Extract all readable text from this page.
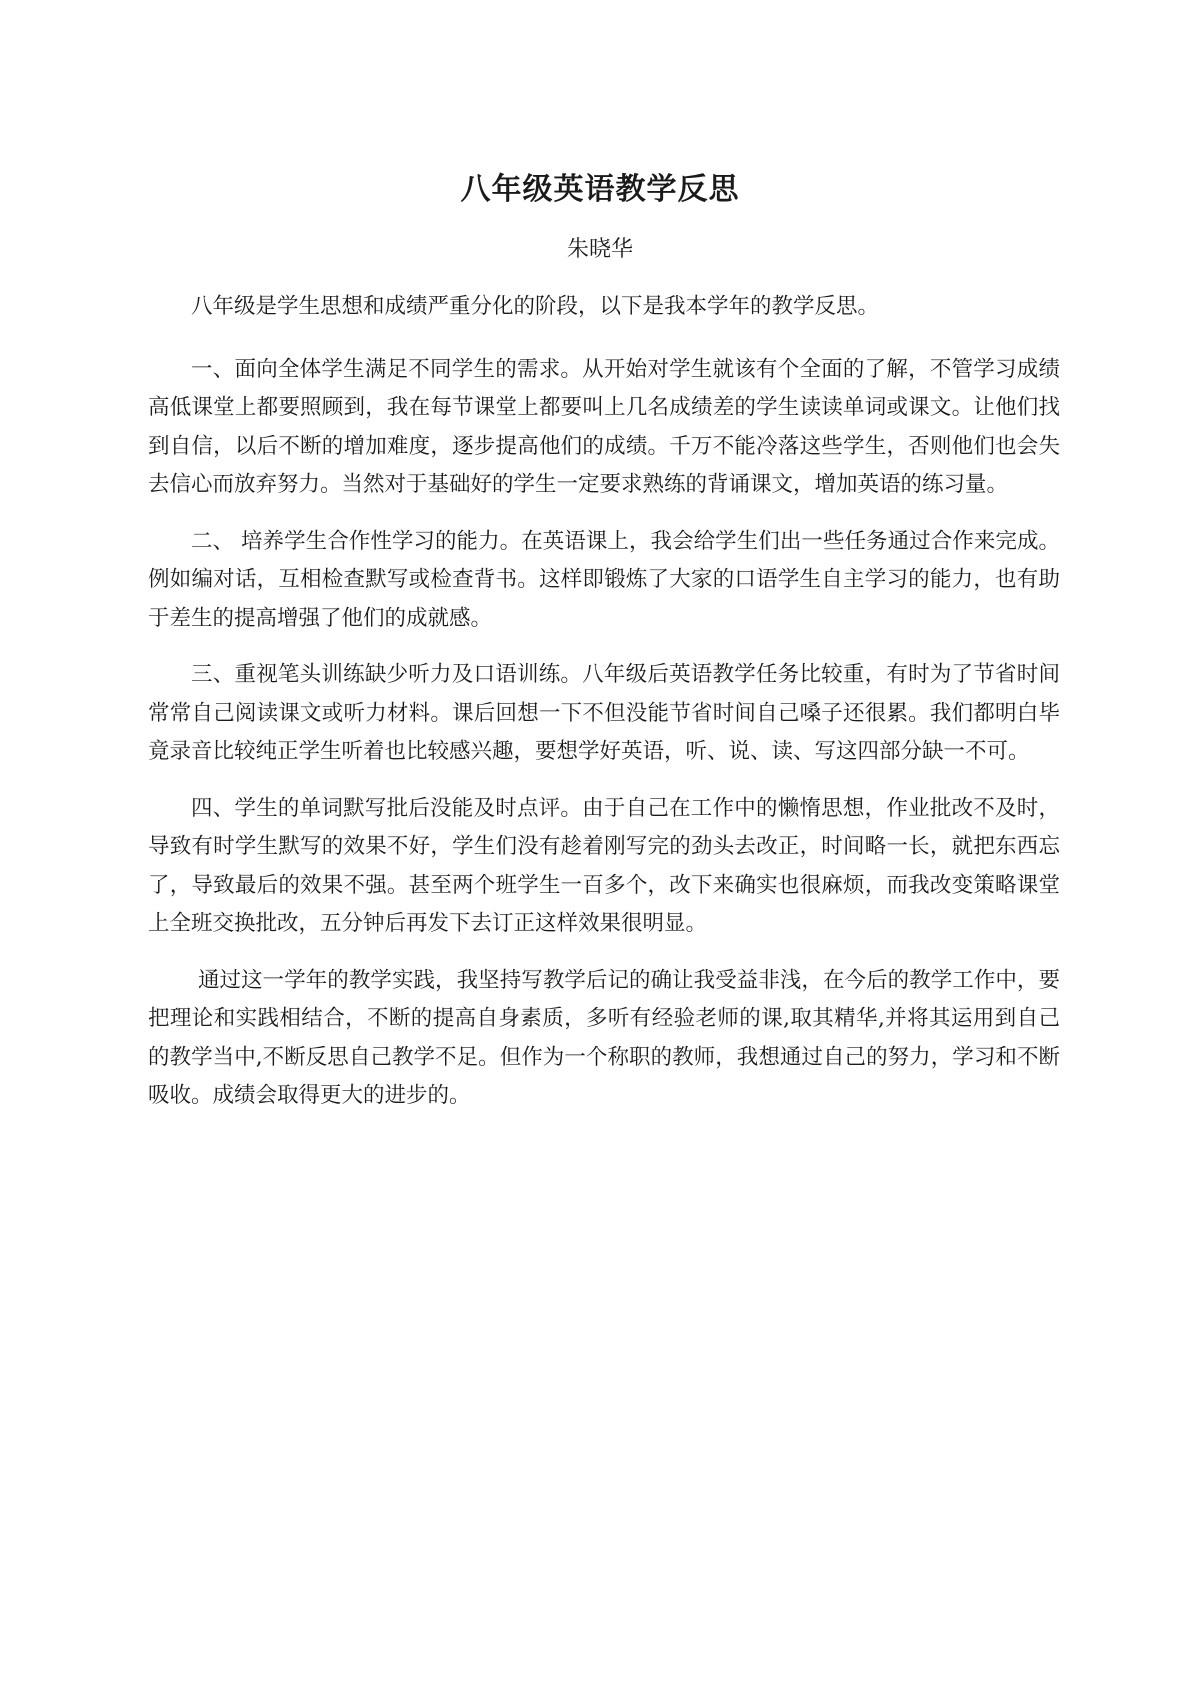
八年级英语教学反思
朱晓华

八年级是学生思想和成绩严重分化的阶段，以下是我本学年的教学反思。

一、面向全体学生满足不同学生的需求。从开始对学生就该有个全面的了解，不管学习成绩高低课堂上都要照顾到，我在每节课堂上都要叫上几名成绩差的学生读读单词或课文。让他们找到自信，以后不断的增加难度，逐步提高他们的成绩。千万不能冷落这些学生，否则他们也会失去信心而放弃努力。当然对于基础好的学生一定要求熟练的背诵课文，增加英语的练习量。

二、 培养学生合作性学习的能力。在英语课上，我会给学生们出一些任务通过合作来完成。例如编对话，互相检查默写或检查背书。这样即锻炼了大家的口语学生自主学习的能力，也有助于差生的提高增强了他们的成就感。

三、重视笔头训练缺少听力及口语训练。八年级后英语教学任务比较重，有时为了节省时间常常自己阅读课文或听力材料。课后回想一下不但没能节省时间自己嗓子还很累。我们都明白毕竟录音比较纯正学生听着也比较感兴趣，要想学好英语，听、说、读、写这四部分缺一不可。

四、学生的单词默写批后没能及时点评。由于自己在工作中的懒惰思想，作业批改不及时，导致有时学生默写的效果不好，学生们没有趁着刚写完的劲头去改正，时间略一长，就把东西忘了，导致最后的效果不强。甚至两个班学生一百多个，改下来确实也很麻烦，而我改变策略课堂上全班交换批改，五分钟后再发下去订正这样效果很明显。

通过这一学年的教学实践，我坚持写教学后记的确让我受益非浅，在今后的教学工作中，要把理论和实践相结合，不断的提高自身素质，多听有经验老师的课,取其精华,并将其运用到自己的教学当中,不断反思自己教学不足。但作为一个称职的教师，我想通过自己的努力，学习和不断吸收。成绩会取得更大的进步的。
